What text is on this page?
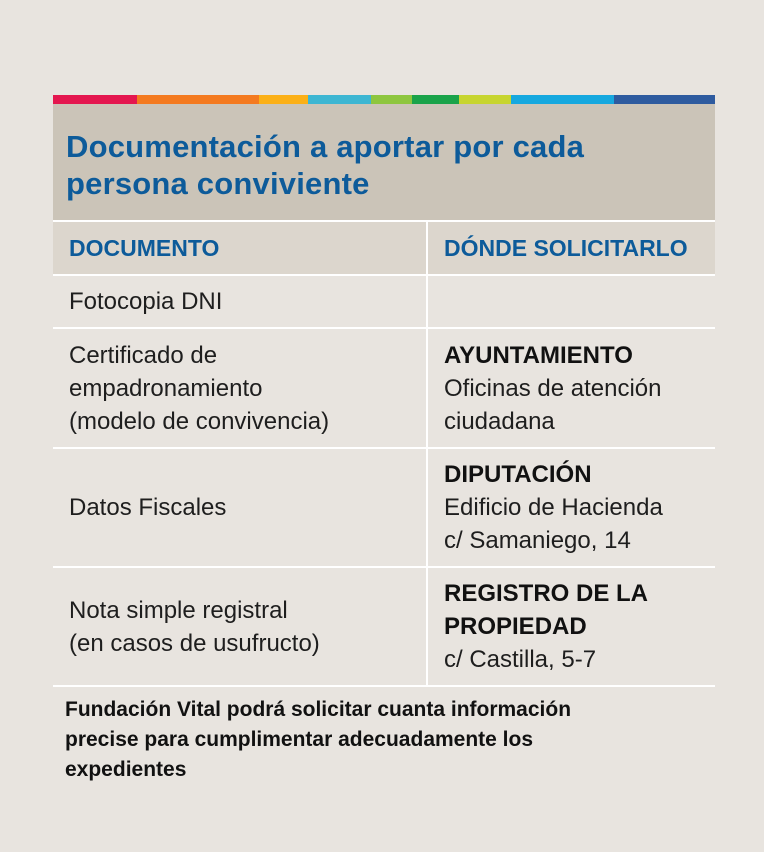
Documentación a aportar por cada
persona conviviente
DOCUMENTO	DÓNDE SOLICITARLO

Fotocopia DNI	

Certificado de
empadronamiento
(modelo de convivencia)	AYUNTAMIENTO
Oficinas de atención
ciudadana

Datos Fiscales	DIPUTACIÓN
Edificio de Hacienda
c/ Samaniego, 14

Nota simple registral
(en casos de usufructo)	REGISTRO DE LA
PROPIEDAD
c/ Castilla, 5-7
Fundación Vital podrá solicitar cuanta información
precise para cumplimentar adecuadamente los
expedientes
